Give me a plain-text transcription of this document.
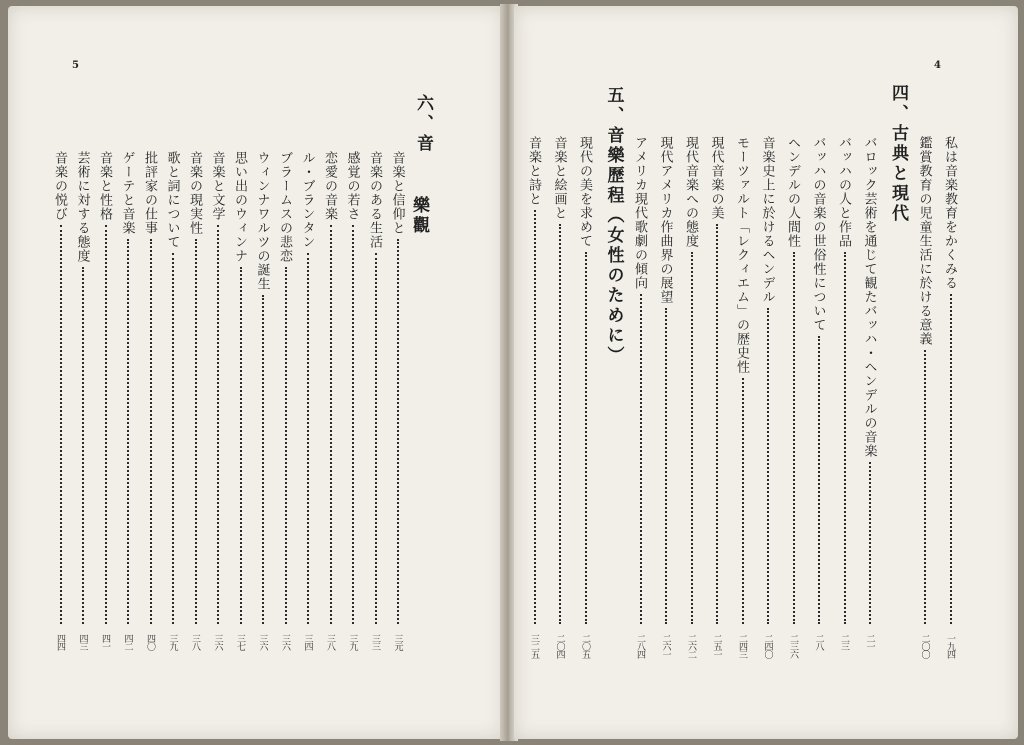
5
六、音
樂觀
音楽と信仰と
三元
音楽のある生活
三三
感覚の若さ
三九
恋愛の音楽
三八
ル・ブランタン
三四
ブラームスの悲恋
三六
ウィンナワルツの誕生
三六
思い出のウィンナ
三七
音楽と文学
三六
音楽の現実性
三八
歌と詞について
三九
批評家の仕事
四〇
ゲーテと音楽
四二
音楽と性格
四一
芸術に対する態度
四三
音楽の悦び
四四
4
私は音楽教育をかくみる
一九四
鑑賞教育の児童生活に於ける意義
二〇〇
四、古典と現代
バロック芸術を通じて観たバッハ・ヘンデルの音楽
二一
バッハの人と作品
二三
バッハの音楽の世俗性について
二八
ヘンデルの人間性
二三六
音楽史上に於けるヘンデル
二四〇
モーツァルト「レクィエム」の歴史性
二四三
現代音楽の美
二五一
現代音楽への態度
二六二
現代アメリカ作曲界の展望
二六一
アメリカ現代歌劇の傾向
二八四
五、音樂歷程（女性のために）
現代の美を求めて
二〇五
音楽と絵画と
二〇四
音楽と詩と
三二五
